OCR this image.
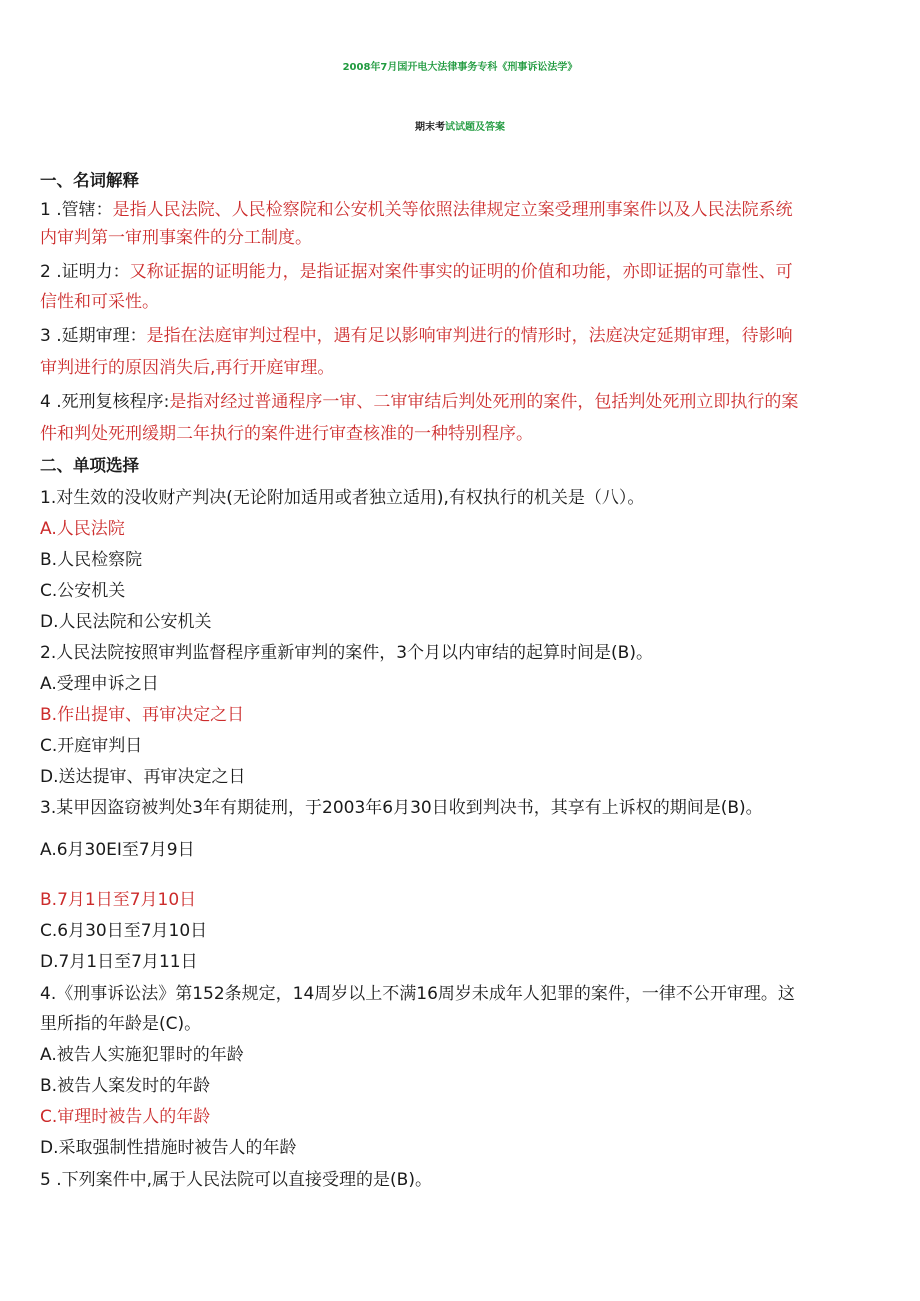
2008年7月国开电大法律事务专科《刑事诉讼法学》
期末考试试题及答案
一、名词解释
1 .管辖：是指人民法院、人民检察院和公安机关等依照法律规定立案受理刑事案件以及人民法院系统
内审判第一审刑事案件的分工制度。
2 .证明力：又称证据的证明能力，是指证据对案件事实的证明的价值和功能，亦即证据的可靠性、可
信性和可采性。
3 .延期审理：是指在法庭审判过程中，遇有足以影响审判进行的情形时，法庭决定延期审理，待影响
审判进行的原因消失后,再行开庭审理。
4 .死刑复核程序:是指对经过普通程序一审、二审审结后判处死刑的案件，包括判处死刑立即执行的案
件和判处死刑缓期二年执行的案件进行审查核准的一种特别程序。
二、单项选择
1.对生效的没收财产判决(无论附加适用或者独立适用),有权执行的机关是（八）。
A.人民法院
B.人民检察院
C.公安机关
D.人民法院和公安机关
2.人民法院按照审判监督程序重新审判的案件，3个月以内审结的起算时间是(B)。
A.受理申诉之日
B.作出提审、再审决定之日
C.开庭审判日
D.送达提审、再审决定之日
3.某甲因盗窃被判处3年有期徒刑，于2003年6月30日收到判决书，其享有上诉权的期间是(B)。
A.6月30EI至7月9日
B.7月1日至7月10日
C.6月30日至7月10日
D.7月1日至7月11日
4.《刑事诉讼法》第152条规定，14周岁以上不满16周岁未成年人犯罪的案件，一律不公开审理。这
里所指的年龄是(C)。
A.被告人实施犯罪时的年龄
B.被告人案发时的年龄
C.审理时被告人的年龄
D.采取强制性措施时被告人的年龄
5 .下列案件中,属于人民法院可以直接受理的是(B)。
